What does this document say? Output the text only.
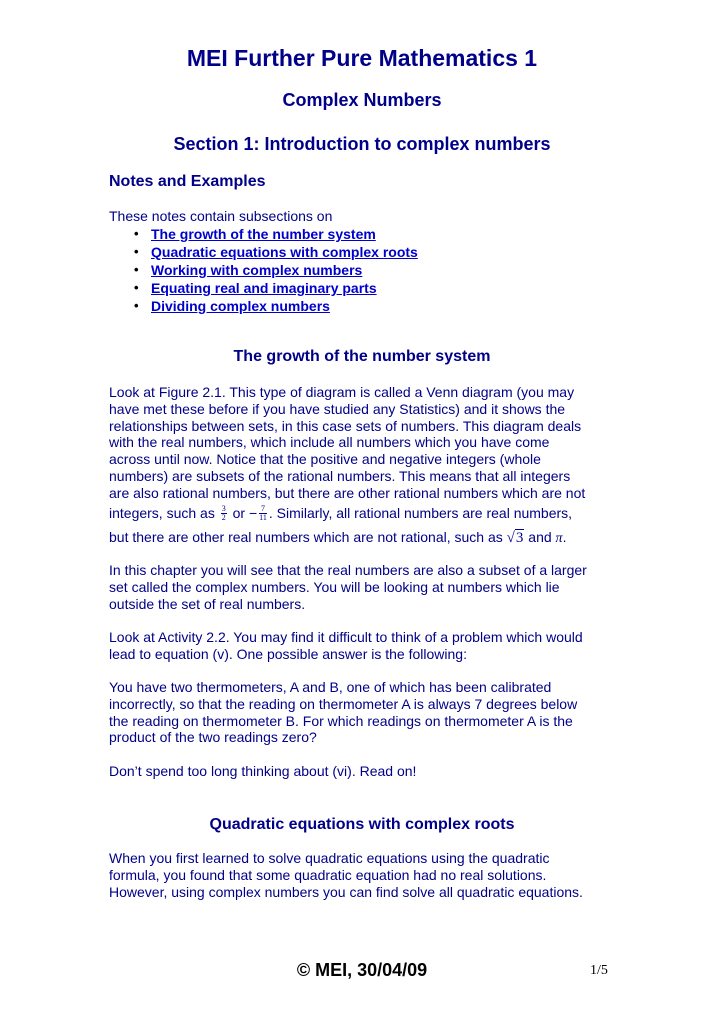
MEI Further Pure Mathematics 1
Complex Numbers
Section 1: Introduction to complex numbers
Notes and Examples
These notes contain subsections on
• The growth of the number system
• Quadratic equations with complex roots
• Working with complex numbers
• Equating real and imaginary parts
• Dividing complex numbers
The growth of the number system
Look at Figure 2.1. This type of diagram is called a Venn diagram (you may
have met these before if you have studied any Statistics) and it shows the
relationships between sets, in this case sets of numbers. This diagram deals
with the real numbers, which include all numbers which you have come
across until now. Notice that the positive and negative integers (whole
numbers) are subsets of the rational numbers. This means that all integers
are also rational numbers, but there are other rational numbers which are not
integers, such as $\frac{3}{2}$ or − $\frac{7}{11}$ . Similarly, all rational numbers are real numbers,
but there are other real numbers which are not rational, such as √3 and π.
In this chapter you will see that the real numbers are also a subset of a larger
set called the complex numbers. You will be looking at numbers which lie
outside the set of real numbers.
Look at Activity 2.2. You may find it difficult to think of a problem which would
lead to equation (v). One possible answer is the following:
You have two thermometers, A and B, one of which has been calibrated
incorrectly, so that the reading on thermometer A is always 7 degrees below
the reading on thermometer B. For which readings on thermometer A is the
product of the two readings zero?
Don’t spend too long thinking about (vi). Read on!
Quadratic equations with complex roots
When you first learned to solve quadratic equations using the quadratic
formula, you found that some quadratic equation had no real solutions.
However, using complex numbers you can find solve all quadratic equations.
© MEI, 30/04/09	1/5
